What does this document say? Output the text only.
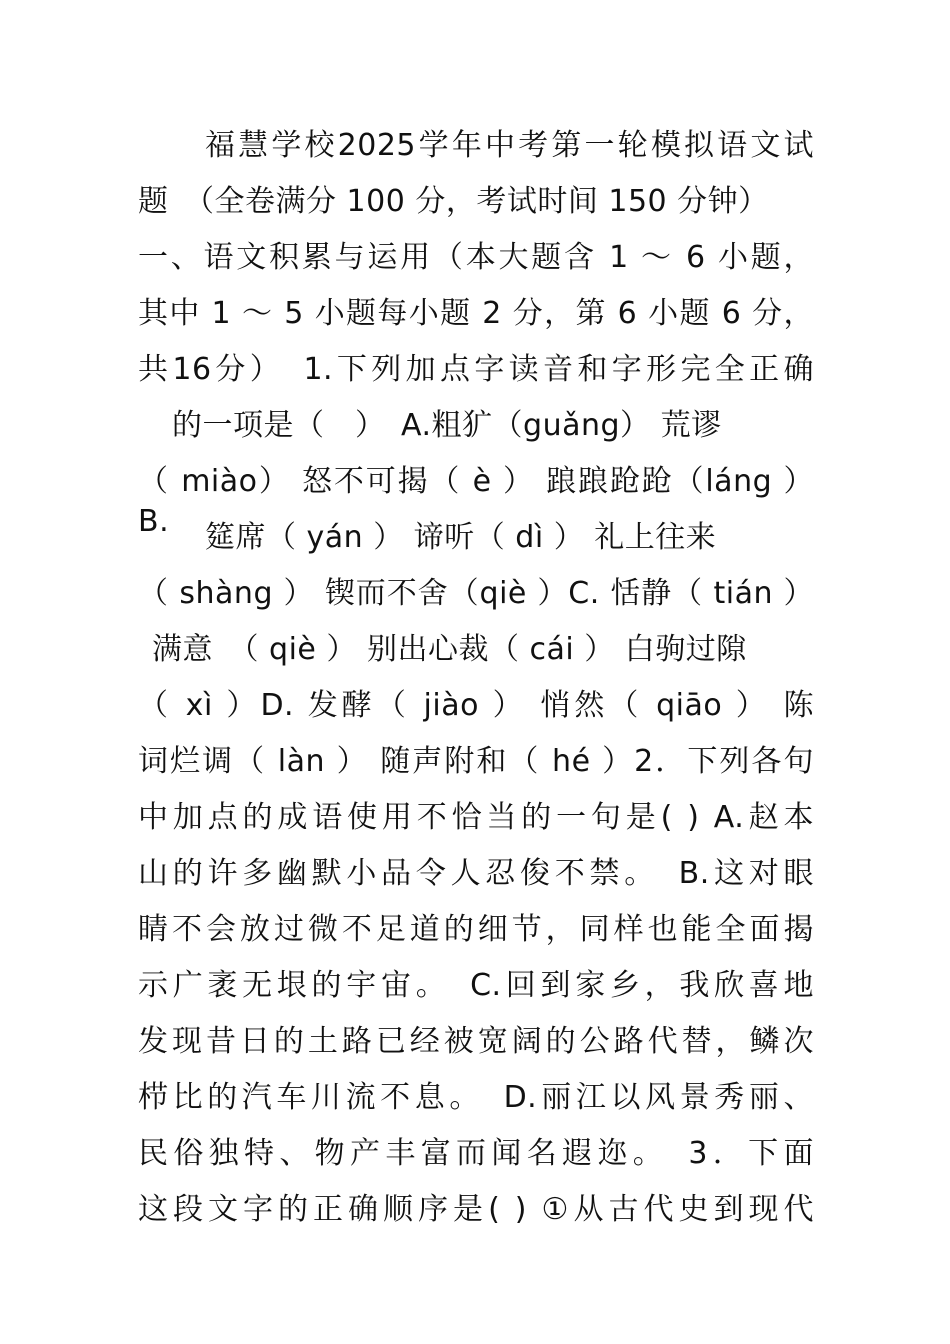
福慧学校2025学年中考第一轮模拟语文试
题　（全卷满分 100 分，考试时间 150 分钟）
一、语文积累与运用（本大题含 1 ～ 6 小题，
其中 1 ～ 5 小题每小题 2 分，第 6 小题 6 分，
共16分）　1.下列加点字读音和字形完全正确
的一项是（　）　A.粗犷（guǎng） 荒谬
（ miào） 怒不可揭（ è ） 踉踉跄跄（láng ）B.	筵席（ yán ） 谛听（ dì ） 礼上往来
（ shàng ） 锲而不舍（qiè ）C. 恬静（ tián ）
满意　（ qiè ） 别出心裁（ cái ） 白驹过隙
（ xì ）D. 发酵（ jiào ） 悄然（ qiāo ） 陈
词烂调（ làn ） 随声附和（ hé ）2．下列各句
中加点的成语使用不恰当的一句是( ) A.赵本
山的许多幽默小品令人忍俊不禁。　B.这对眼
睛不会放过微不足道的细节，同样也能全面揭
示广袤无垠的宇宙。　C.回到家乡，我欣喜地
发现昔日的土路已经被宽阔的公路代替，鳞次
栉比的汽车川流不息。　D.丽江以风景秀丽、
民俗独特、物产丰富而闻名遐迩。　3．下面
这段文字的正确顺序是( ) ①从古代史到现代
